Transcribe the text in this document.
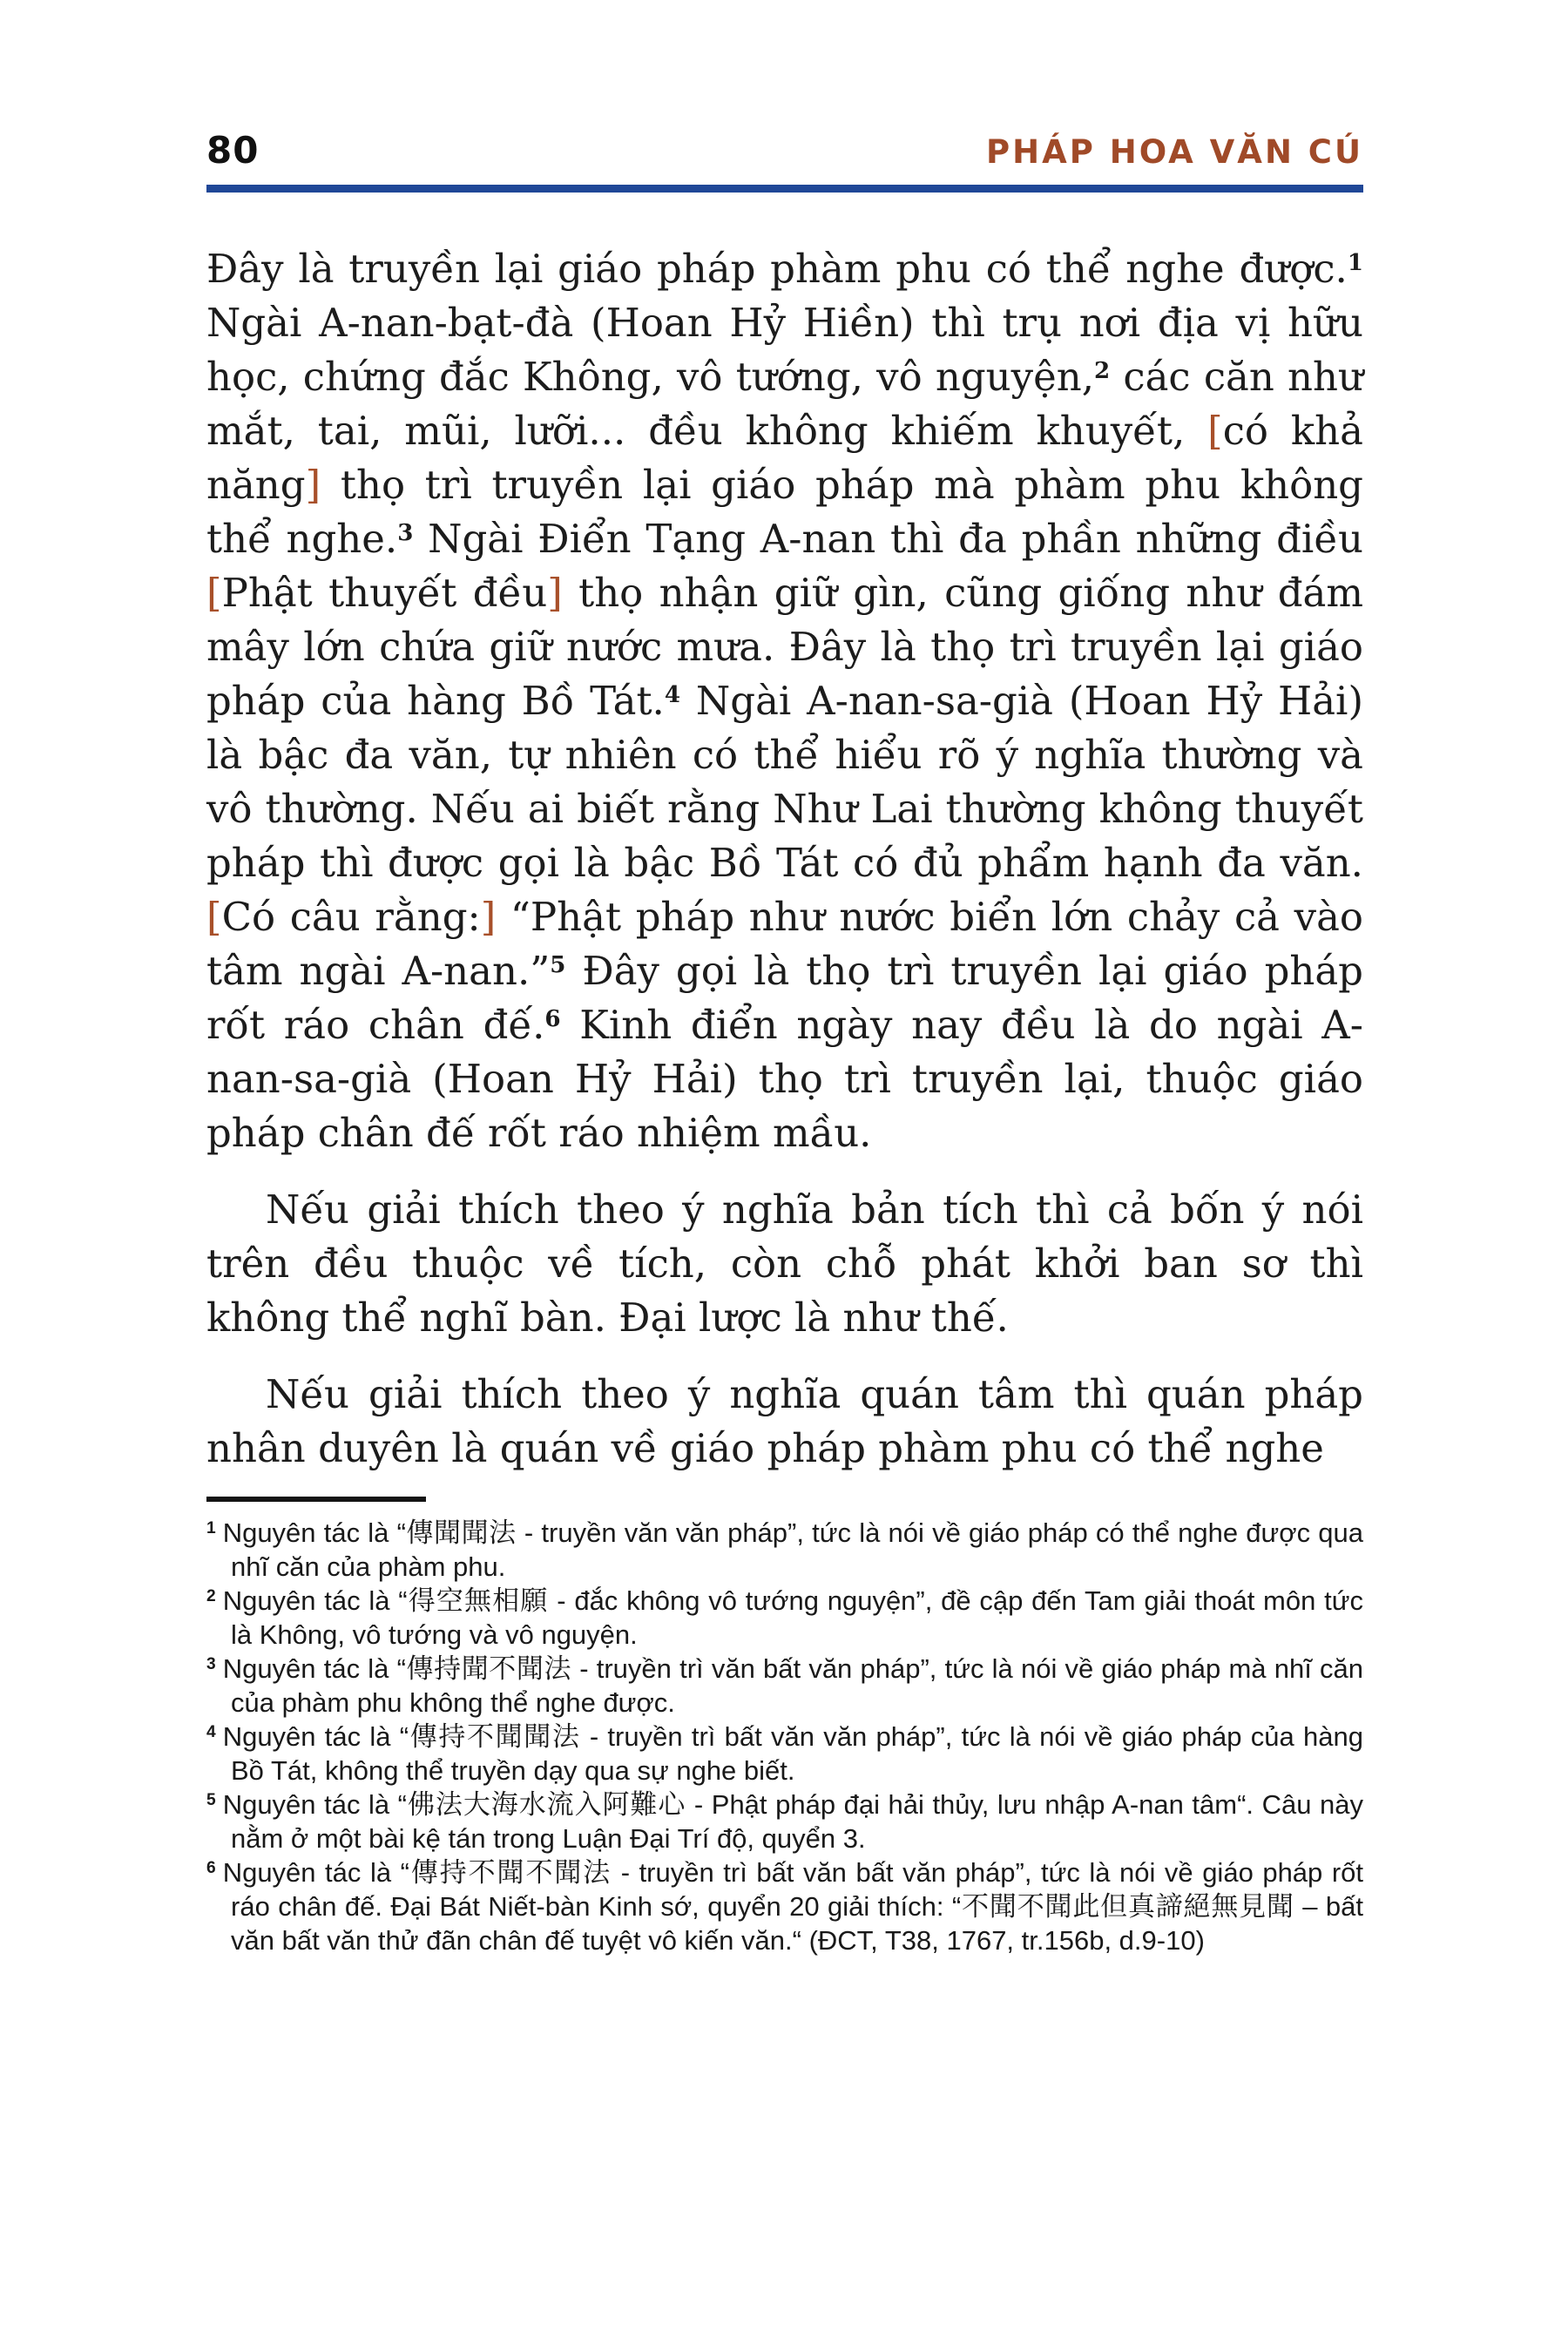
80	PHÁP HOA VĂN CÚ

Đây là truyền lại giáo pháp phàm phu có thể nghe được.$^1$ Ngài A-nan-bạt-đà (Hoan Hỷ Hiền) thì trụ nơi địa vị hữu học, chứng đắc Không, vô tướng, vô nguyện,$^2$ các căn như mắt, tai, mũi, lưỡi... đều không khiếm khuyết, [có khả năng] thọ trì truyền lại giáo pháp mà phàm phu không thể nghe.$^3$ Ngài Điển Tạng A-nan thì đa phần những điều [Phật thuyết đều] thọ nhận giữ gìn, cũng giống như đám mây lớn chứa giữ nước mưa. Đây là thọ trì truyền lại giáo pháp của hàng Bồ Tát.$^4$ Ngài A-nan-sa-già (Hoan Hỷ Hải) là bậc đa văn, tự nhiên có thể hiểu rõ ý nghĩa thường và vô thường. Nếu ai biết rằng Như Lai thường không thuyết pháp thì được gọi là bậc Bồ Tát có đủ phẩm hạnh đa văn. [Có câu rằng:] “Phật pháp như nước biển lớn chảy cả vào tâm ngài A-nan.”$^5$ Đây gọi là thọ trì truyền lại giáo pháp rốt ráo chân đế.$^6$ Kinh điển ngày nay đều là do ngài A-nan-sa-già (Hoan Hỷ Hải) thọ trì truyền lại, thuộc giáo pháp chân đế rốt ráo nhiệm mầu.

Nếu giải thích theo ý nghĩa bản tích thì cả bốn ý nói trên đều thuộc về tích, còn chỗ phát khởi ban sơ thì không thể nghĩ bàn. Đại lược là như thế.

Nếu giải thích theo ý nghĩa quán tâm thì quán pháp nhân duyên là quán về giáo pháp phàm phu có thể nghe

$^1$ Nguyên tác là “傳聞聞法 - truyền văn văn pháp”, tức là nói về giáo pháp có thể nghe được qua nhĩ căn của phàm phu.
$^2$ Nguyên tác là “得空無相願 - đắc không vô tướng nguyện”, đề cập đến Tam giải thoát môn tức là Không, vô tướng và vô nguyện.
$^3$ Nguyên tác là “傳持聞不聞法 - truyền trì văn bất văn pháp”, tức là nói về giáo pháp mà nhĩ căn của phàm phu không thể nghe được.
$^4$ Nguyên tác là “傳持不聞聞法 - truyền trì bất văn văn pháp”, tức là nói về giáo pháp của hàng Bồ Tát, không thể truyền dạy qua sự nghe biết.
$^5$ Nguyên tác là “佛法大海水流入阿難心 - Phật pháp đại hải thủy, lưu nhập A-nan tâm“. Câu này nằm ở một bài kệ tán trong Luận Đại Trí độ, quyển 3.
$^6$ Nguyên tác là “傳持不聞不聞法 - truyền trì bất văn bất văn pháp”, tức là nói về giáo pháp rốt ráo chân đế. Đại Bát Niết-bàn Kinh sớ, quyển 20 giải thích: “不聞不聞此但真諦絕無見聞 – bất văn bất văn thử đãn chân đế tuyệt vô kiến văn.“ (ĐCT, T38, 1767, tr.156b, d.9-10)
